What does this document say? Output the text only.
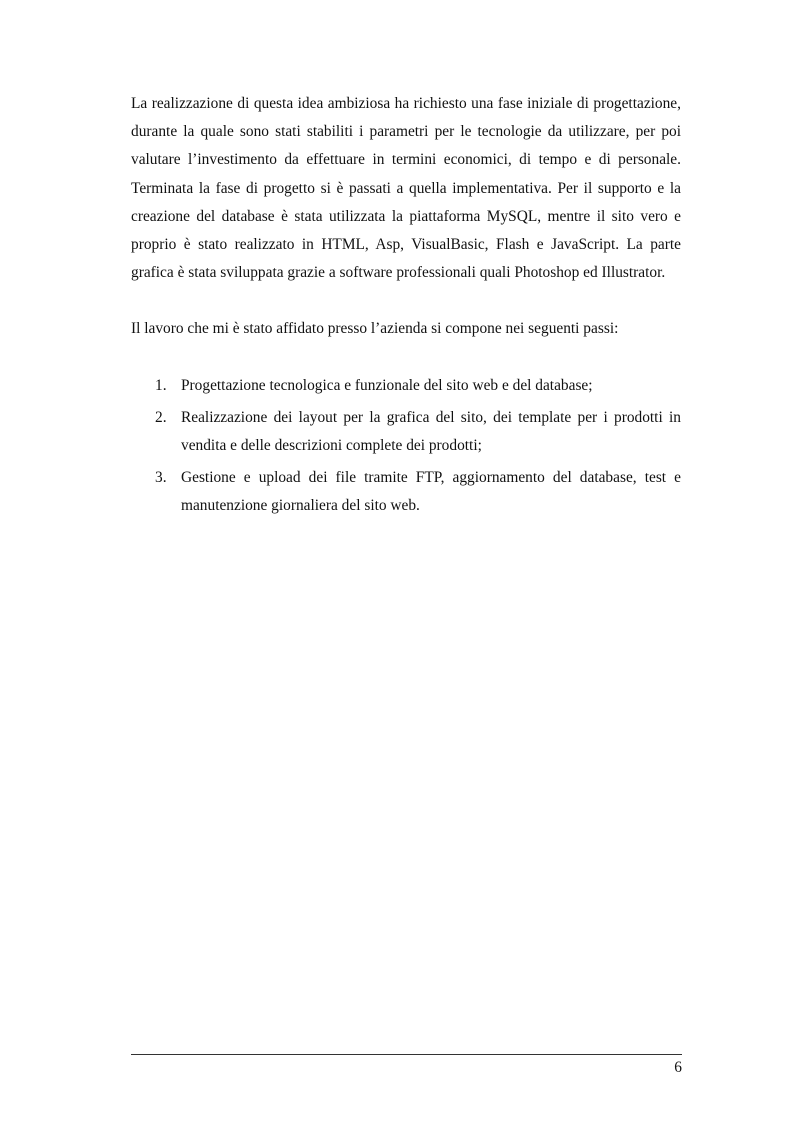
La realizzazione di questa idea ambiziosa ha richiesto una fase iniziale di progettazione, durante la quale sono stati stabiliti i parametri per le tecnologie da utilizzare, per poi valutare l’investimento da effettuare in termini economici, di tempo e di personale. Terminata la fase di progetto si è passati a quella implementativa. Per il supporto e la creazione del database è stata utilizzata la piattaforma MySQL, mentre il sito vero e proprio è stato realizzato in HTML, Asp, VisualBasic, Flash e JavaScript. La parte grafica è stata sviluppata grazie a software professionali quali Photoshop ed Illustrator.

Il lavoro che mi è stato affidato presso l’azienda si compone nei seguenti passi:

1. Progettazione tecnologica e funzionale del sito web e del database;
2. Realizzazione dei layout per la grafica del sito, dei template per i prodotti in vendita e delle descrizioni complete dei prodotti;
3. Gestione e upload dei file tramite FTP, aggiornamento del database, test e manutenzione giornaliera del sito web.
6
